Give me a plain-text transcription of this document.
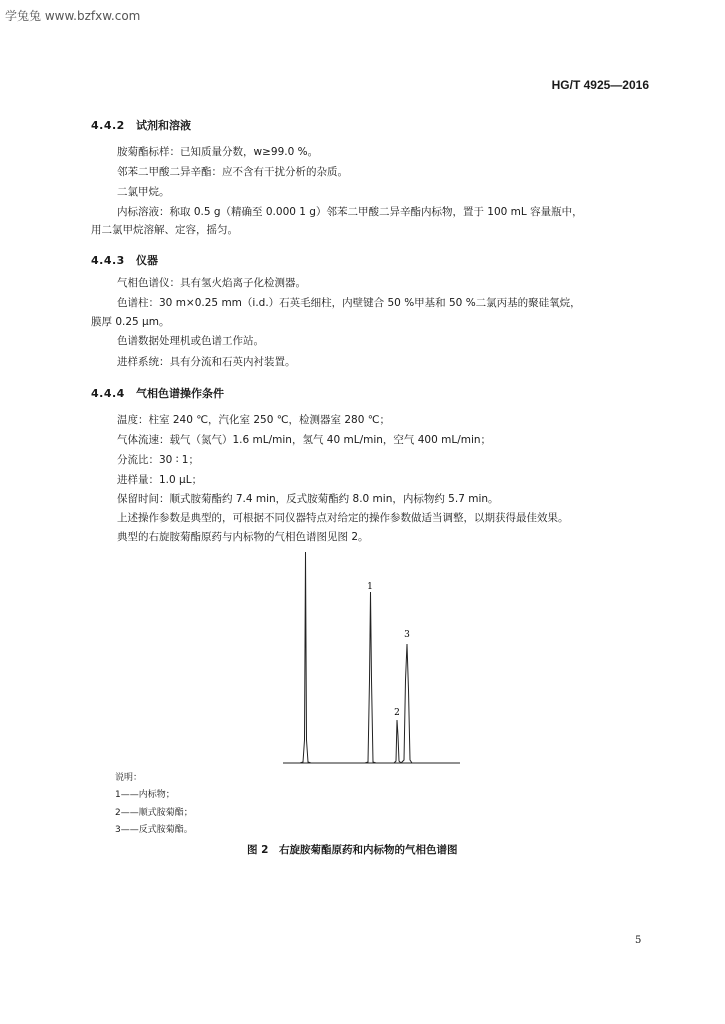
学兔兔 www.bzfxw.com
HG/T 4925—2016
4.4.2 试剂和溶液
胺菊酯标样：已知质量分数，w≥99.0 %。
邻苯二甲酸二异辛酯：应不含有干扰分析的杂质。
二氯甲烷。
内标溶液：称取 0.5 g（精确至 0.000 1 g）邻苯二甲酸二异辛酯内标物，置于 100 mL 容量瓶中，
用二氯甲烷溶解、定容，摇匀。
4.4.3 仪器
气相色谱仪：具有氢火焰离子化检测器。
色谱柱：30 m×0.25 mm（i.d.）石英毛细柱，内壁键合 50 %甲基和 50 %二氯丙基的聚硅氧烷，
膜厚 0.25 μm。
色谱数据处理机或色谱工作站。
进样系统：具有分流和石英内衬装置。
4.4.4 气相色谱操作条件
温度：柱室 240 ℃，汽化室 250 ℃，检测器室 280 ℃；
气体流速：载气（氮气）1.6 mL/min，氢气 40 mL/min，空气 400 mL/min；
分流比：30 ∶ 1；
进样量：1.0 μL；
保留时间：顺式胺菊酯约 7.4 min，反式胺菊酯约 8.0 min，内标物约 5.7 min。
上述操作参数是典型的，可根据不同仪器特点对给定的操作参数做适当调整，以期获得最佳效果。
典型的右旋胺菊酯原药与内标物的气相色谱图见图 2。
1
2
3
说明：
1——内标物；
2——顺式胺菊酯；
3——反式胺菊酯。
图 2　右旋胺菊酯原药和内标物的气相色谱图
5
